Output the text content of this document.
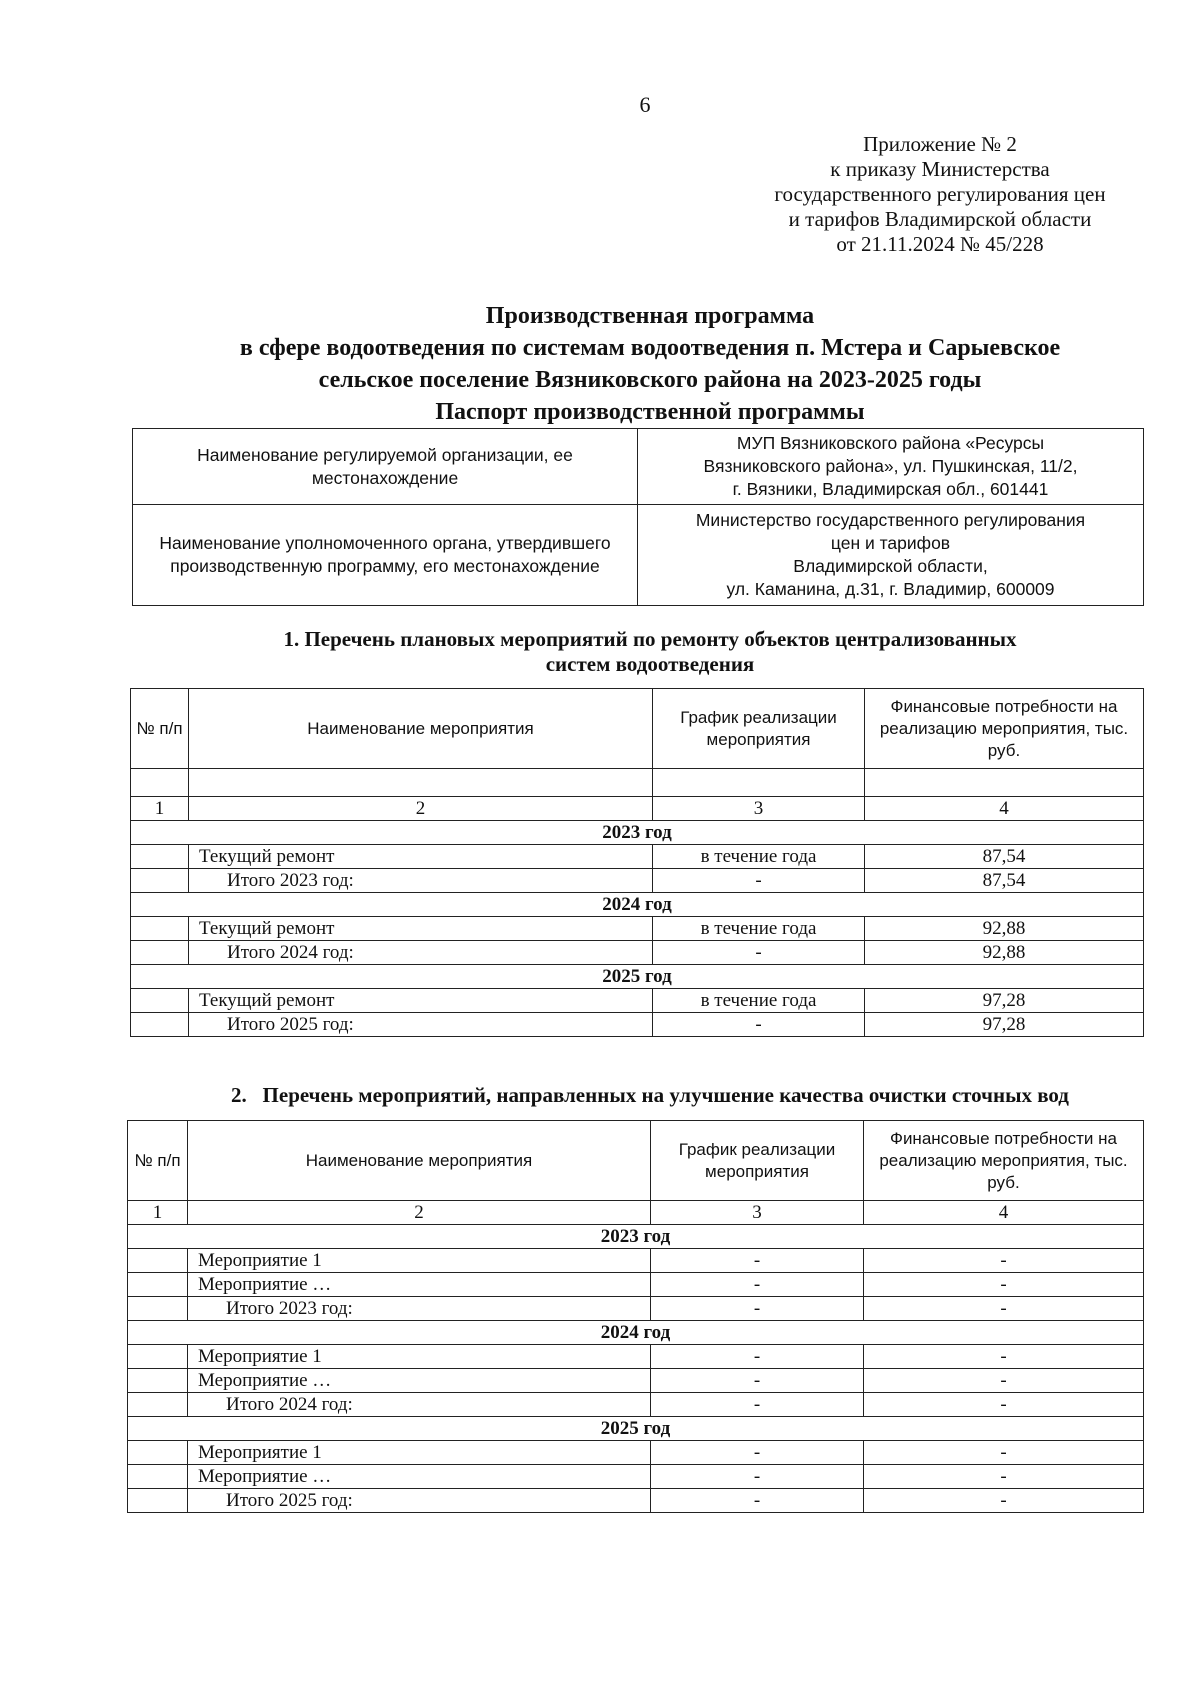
6
Приложение № 2
к приказу Министерства
государственного регулирования цен
и тарифов Владимирской области
от 21.11.2024 № 45/228
Производственная программа
в сфере водоотведения по системам водоотведения п. Мстера и Сарыевское
сельское поселение Вязниковского района на 2023-2025 годы
Паспорт производственной программы
Наименование регулируемой организации, ее местонахождение	МУП Вязниковского района «Ресурсы
Вязниковского района», ул. Пушкинская, 11/2,
г. Вязники, Владимирская обл., 601441

Наименование уполномоченного органа, утвердившего производственную программу, его местонахождение	Министерство государственного регулирования
цен и тарифов
Владимирской области,
ул. Каманина, д.31, г. Владимир, 600009
1. Перечень плановых мероприятий по ремонту объектов централизованных
систем водоотведения
№ п/п	Наименование мероприятия	График реализации мероприятия	Финансовые потребности на реализацию мероприятия, тыс. руб.

1	2	3	4
2023 год			
	Текущий ремонт	в течение года	87,54
	Итого 2023 год:	-	87,54
2024 год			
	Текущий ремонт	в течение года	92,88
	Итого 2024 год:	-	92,88
2025 год			
	Текущий ремонт	в течение года	97,28
	Итого 2025 год:	-	97,28
2.   Перечень мероприятий, направленных на улучшение качества очистки сточных вод
№ п/п	Наименование мероприятия	График реализации мероприятия	Финансовые потребности на реализацию мероприятия, тыс. руб.
1	2	3	4
2023 год			
	Мероприятие 1	-	-
	Мероприятие …	-	-
	Итого 2023 год:	-	-
2024 год			
	Мероприятие 1	-	-
	Мероприятие …	-	-
	Итого 2024 год:	-	-
2025 год			
	Мероприятие 1	-	-
	Мероприятие …	-	-
	Итого 2025 год:	-	-
